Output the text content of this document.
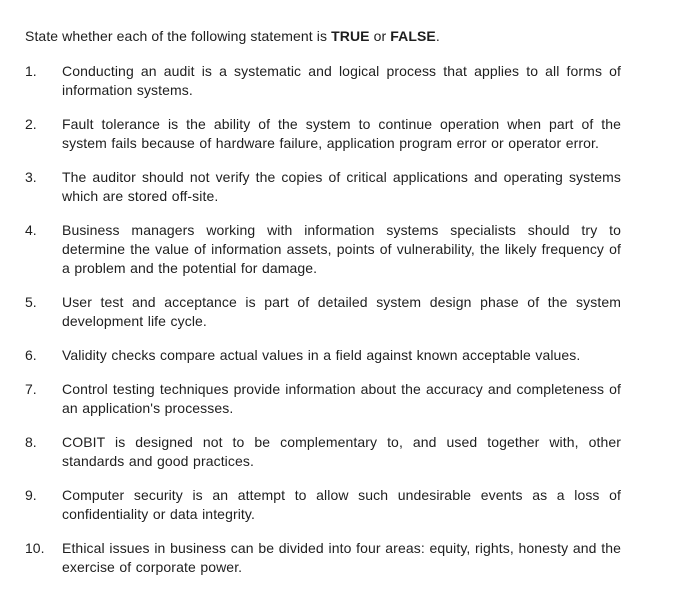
State whether each of the following statement is TRUE or FALSE.

1.	Conducting an audit is a systematic and logical process that applies to all forms of information systems.
2.	Fault tolerance is the ability of the system to continue operation when part of the system fails because of hardware failure, application program error or operator error.
3.	The auditor should not verify the copies of critical applications and operating systems which are stored off-site.
4.	Business managers working with information systems specialists should try to determine the value of information assets, points of vulnerability, the likely frequency of a problem and the potential for damage.
5.	User test and acceptance is part of detailed system design phase of the system development life cycle.
6.	Validity checks compare actual values in a field against known acceptable values.
7.	Control testing techniques provide information about the accuracy and completeness of an application's processes.
8.	COBIT is designed not to be complementary to, and used together with, other standards and good practices.
9.	Computer security is an attempt to allow such undesirable events as a loss of confidentiality or data integrity.
10.	Ethical issues in business can be divided into four areas: equity, rights, honesty and the exercise of corporate power.
